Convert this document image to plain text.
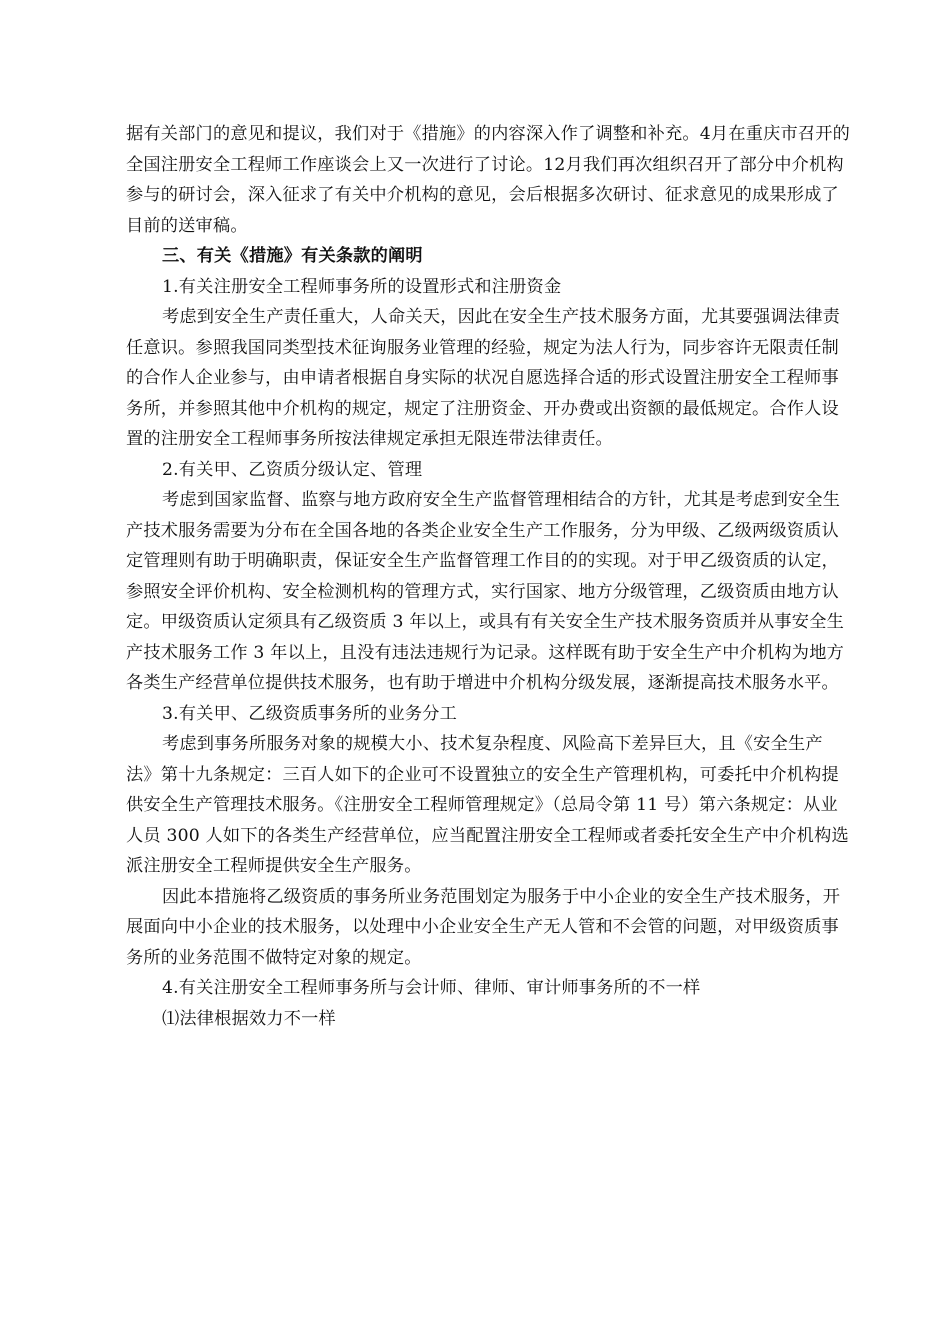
据有关部门的意见和提议，我们对于《措施》的内容深入作了调整和补充。4月在重庆市召开的
全国注册安全工程师工作座谈会上又一次进行了讨论。12月我们再次组织召开了部分中介机构
参与的研讨会，深入征求了有关中介机构的意见，会后根据多次研讨、征求意见的成果形成了
目前的送审稿。
三、有关《措施》有关条款的阐明
1.有关注册安全工程师事务所的设置形式和注册资金
考虑到安全生产责任重大，人命关天，因此在安全生产技术服务方面，尤其要强调法律责
任意识。参照我国同类型技术征询服务业管理的经验，规定为法人行为，同步容许无限责任制
的合作人企业参与，由申请者根据自身实际的状况自愿选择合适的形式设置注册安全工程师事
务所，并参照其他中介机构的规定，规定了注册资金、开办费或出资额的最低规定。合作人设
置的注册安全工程师事务所按法律规定承担无限连带法律责任。
2.有关甲、乙资质分级认定、管理
考虑到国家监督、监察与地方政府安全生产监督管理相结合的方针，尤其是考虑到安全生
产技术服务需要为分布在全国各地的各类企业安全生产工作服务，分为甲级、乙级两级资质认
定管理则有助于明确职责，保证安全生产监督管理工作目的的实现。对于甲乙级资质的认定，
参照安全评价机构、安全检测机构的管理方式，实行国家、地方分级管理，乙级资质由地方认
定。甲级资质认定须具有乙级资质 3 年以上，或具有有关安全生产技术服务资质并从事安全生
产技术服务工作 3 年以上，且没有违法违规行为记录。这样既有助于安全生产中介机构为地方
各类生产经营单位提供技术服务，也有助于增进中介机构分级发展，逐渐提高技术服务水平。
3.有关甲、乙级资质事务所的业务分工
考虑到事务所服务对象的规模大小、技术复杂程度、风险高下差异巨大，且《安全生产
法》第十九条规定：三百人如下的企业可不设置独立的安全生产管理机构，可委托中介机构提
供安全生产管理技术服务。《注册安全工程师管理规定》（总局令第 11 号）第六条规定：从业
人员 300 人如下的各类生产经营单位，应当配置注册安全工程师或者委托安全生产中介机构选
派注册安全工程师提供安全生产服务。
因此本措施将乙级资质的事务所业务范围划定为服务于中小企业的安全生产技术服务，开
展面向中小企业的技术服务，以处理中小企业安全生产无人管和不会管的问题，对甲级资质事
务所的业务范围不做特定对象的规定。
4.有关注册安全工程师事务所与会计师、律师、审计师事务所的不一样
⑴法律根据效力不一样
